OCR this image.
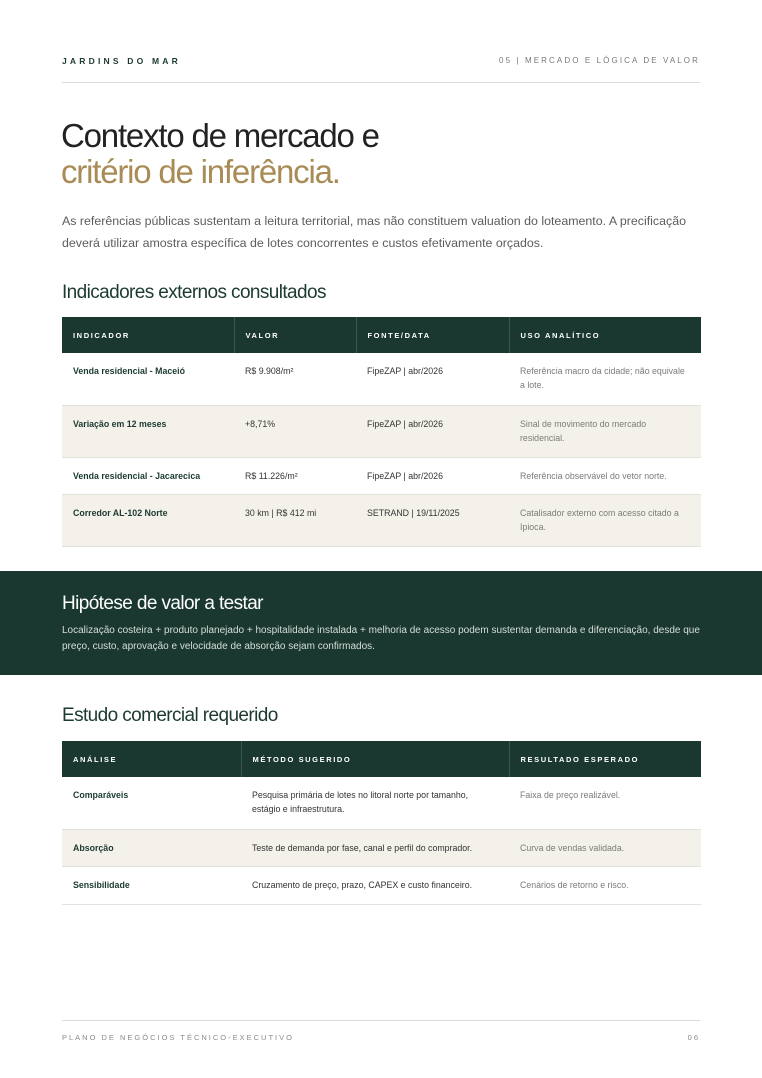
JARDINS DO MAR	05 | MERCADO E LÓGICA DE VALOR
Contexto de mercado e
critério de inferência.

As referências públicas sustentam a leitura territorial, mas não constituem valuation do loteamento. A precificação deverá utilizar amostra específica de lotes concorrentes e custos efetivamente orçados.

Indicadores externos consultados
INDICADOR	VALOR	FONTE/DATA	USO ANALÍTICO
Venda residencial - Maceió	R$ 9.908/m²	FipeZAP | abr/2026	Referência macro da cidade; não equivale a lote.
Variação em 12 meses	+8,71%	FipeZAP | abr/2026	Sinal de movimento do mercado residencial.
Venda residencial - Jacarecica	R$ 11.226/m²	FipeZAP | abr/2026	Referência observável do vetor norte.
Corredor AL-102 Norte	30 km | R$ 412 mi	SETRAND | 19/11/2025	Catalisador externo com acesso citado a Ipioca.
Hipótese de valor a testar
Localização costeira + produto planejado + hospitalidade instalada + melhoria de acesso podem sustentar demanda e diferenciação, desde que preço, custo, aprovação e velocidade de absorção sejam confirmados.
Estudo comercial requerido
ANÁLISE	MÉTODO SUGERIDO	RESULTADO ESPERADO
Comparáveis	Pesquisa primária de lotes no litoral norte por tamanho, estágio e infraestrutura.	Faixa de preço realizável.
Absorção	Teste de demanda por fase, canal e perfil do comprador.	Curva de vendas validada.
Sensibilidade	Cruzamento de preço, prazo, CAPEX e custo financeiro.	Cenários de retorno e risco.
PLANO DE NEGÓCIOS TÉCNICO-EXECUTIVO	06
